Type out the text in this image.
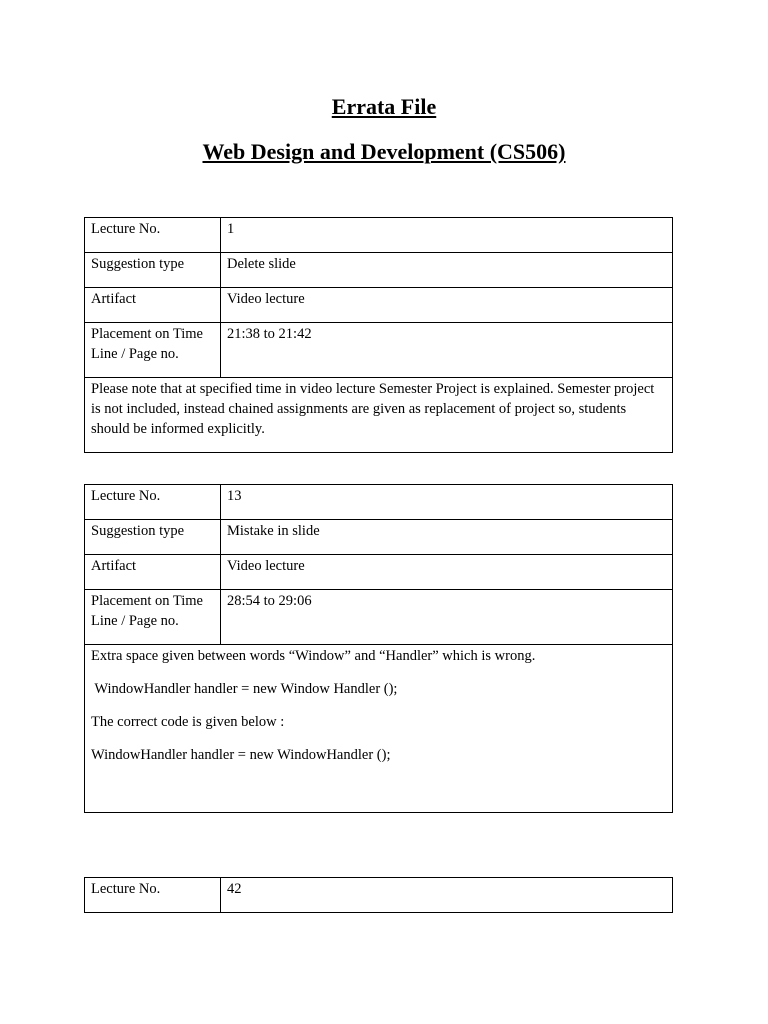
Errata File
Web Design and Development (CS506)
Lecture No.	1
Suggestion type	Delete slide
Artifact	Video lecture
Placement on Time Line / Page no.	21:38 to 21:42

Please note that at specified time in video lecture Semester Project is explained. Semester project is not included, instead chained assignments are given as replacement of project so, students should be informed explicitly.	

Lecture No.	13
Suggestion type	Mistake in slide
Artifact	Video lecture
Placement on Time Line / Page no.	28:54 to 29:06

Extra space given between words “Window” and “Handler” which is wrong.

WindowHandler handler = new Window Handler ();

The correct code is given below :

WindowHandler handler = new WindowHandler ();	

Lecture No.	42
